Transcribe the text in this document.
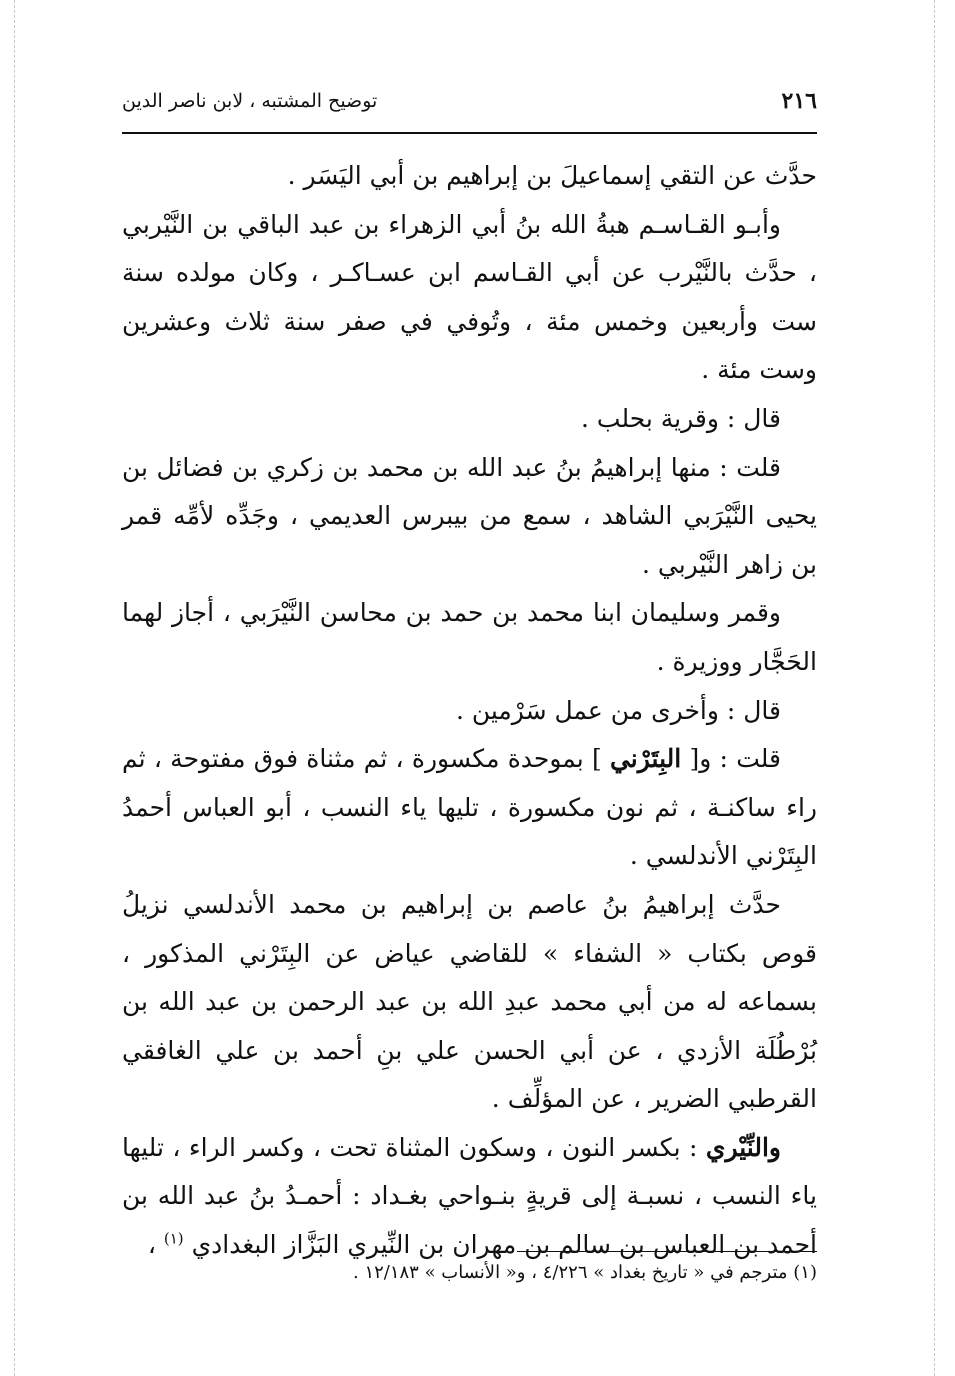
٢١٦
توضيح المشتبه ، لابن ناصر الدين

حدَّث عن التقي إسماعيلَ بن إبراهيم بن أبي اليَسَر .

وأبـو القـاسـم هبةُ الله بنُ أبي الزهراء بن عبد الباقي بن النَّيْربي ، حدَّث بالنَّيْرب عن أبي القـاسم ابن عسـاكـر ، وكان مولده سنة ست وأربعين وخمس مئة ، وتُوفي في صفر سنة ثلاث وعشرين وست مئة .

قال : وقرية بحلب .

قلت : منها إبراهيمُ بنُ عبد الله بن محمد بن زكري بن فضائل بن يحيى النَّيْرَبي الشاهد ، سمع من بيبرس العديمي ، وجَدِّه لأمِّه قمر بن زاهر النَّيْربي .

وقمر وسليمان ابنا محمد بن حمد بن محاسن النَّيْرَبي ، أجاز لهما الحَجَّار ووزيرة .

قال : وأخرى من عمل سَرْمين .

قلت : و[ البِتَرْني ] بموحدة مكسورة ، ثم مثناة فوق مفتوحة ، ثم راء ساكنـة ، ثم نون مكسورة ، تليها ياء النسب ، أبو العباس أحمدُ البِتَرْني الأندلسي .

حدَّث إبراهيمُ بنُ عاصم بن إبراهيم بن محمد الأندلسي نزيلُ قوص بكتاب « الشفاء » للقاضي عياض عن البِتَرْني المذكور ، بسماعه له من أبي محمد عبدِ الله بن عبد الرحمن بن عبد الله بن بُرْطُلَة الأزدي ، عن أبي الحسن علي بنِ أحمد بن علي الغافقي القرطبي الضرير ، عن المؤلِّف .

والنِّيْري : بكسر النون ، وسكون المثناة تحت ، وكسر الراء ، تليها ياء النسب ، نسبـة إلى قريةٍ بنـواحي بغـداد : أحمـدُ بنُ عبد الله بن أحمد بن العباس بن سالم بن مهران بن النِّيري البَزَّاز البغدادي $^{(١)}$ ،

(١) مترجم في « تاريخ بغداد » ٤/٢٢٦ ، و« الأنساب » ١٢/١٨٣ .
